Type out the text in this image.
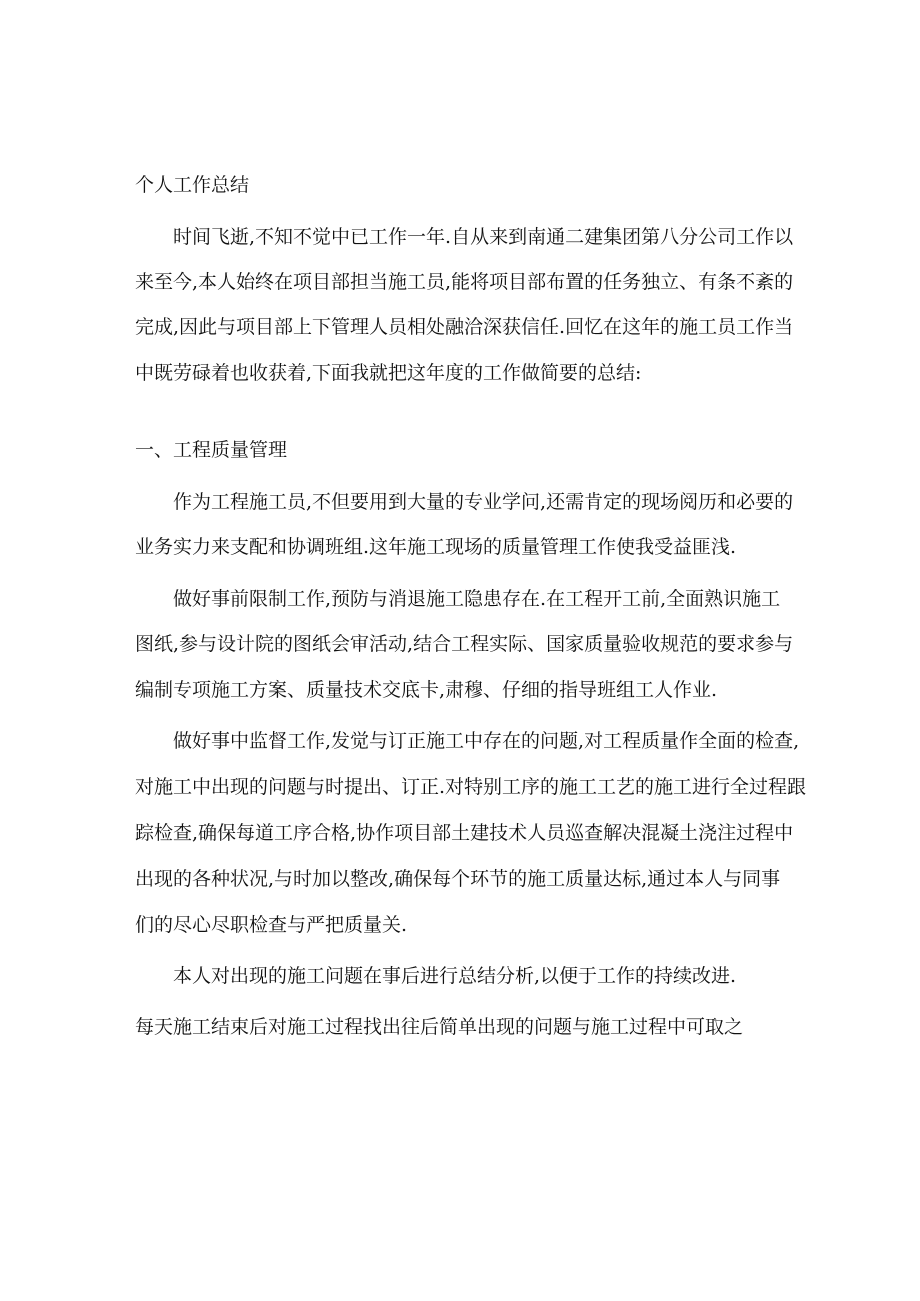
个人工作总结
时间飞逝,不知不觉中已工作一年.自从来到南通二建集团第八分公司工作以
来至今,本人始终在项目部担当施工员,能将项目部布置的任务独立、有条不紊的
完成,因此与项目部上下管理人员相处融洽深获信任.回忆在这年的施工员工作当
中既劳碌着也收获着,下面我就把这年度的工作做简要的总结:
一、工程质量管理
作为工程施工员,不但要用到大量的专业学问,还需肯定的现场阅历和必要的
业务实力来支配和协调班组.这年施工现场的质量管理工作使我受益匪浅.
做好事前限制工作,预防与消退施工隐患存在.在工程开工前,全面熟识施工
图纸,参与设计院的图纸会审活动,结合工程实际、国家质量验收规范的要求参与
编制专项施工方案、质量技术交底卡,肃穆、仔细的指导班组工人作业.
做好事中监督工作,发觉与订正施工中存在的问题,对工程质量作全面的检查,
对施工中出现的问题与时提出、订正.对特别工序的施工工艺的施工进行全过程跟
踪检查,确保每道工序合格,协作项目部土建技术人员巡查解决混凝土浇注过程中
出现的各种状况,与时加以整改,确保每个环节的施工质量达标,通过本人与同事
们的尽心尽职检查与严把质量关.
本人对出现的施工问题在事后进行总结分析,以便于工作的持续改进.
每天施工结束后对施工过程找出往后简单出现的问题与施工过程中可取之
